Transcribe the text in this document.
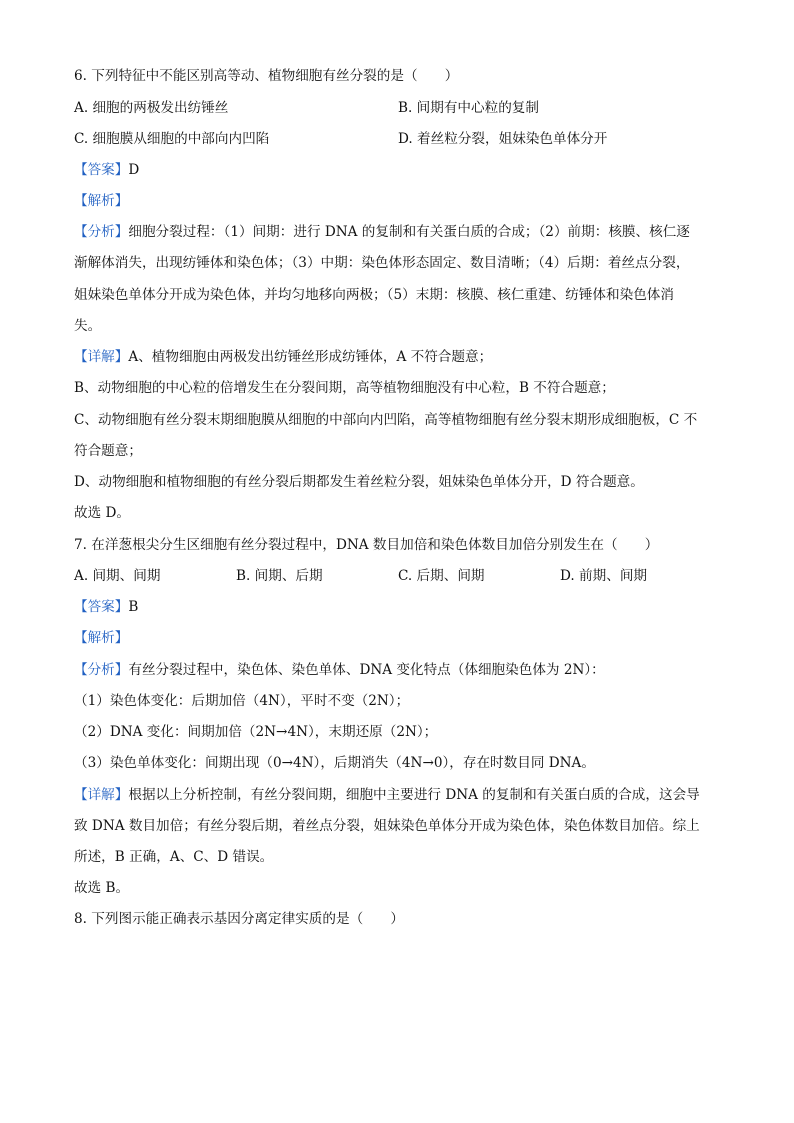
6. 下列特征中不能区别高等动、植物细胞有丝分裂的是（　　）
A. 细胞的两极发出纺锤丝	B. 间期有中心粒的复制
C. 细胞膜从细胞的中部向内凹陷	D. 着丝粒分裂，姐妹染色单体分开
【答案】D
【解析】
【分析】细胞分裂过程：（1）间期：进行 DNA 的复制和有关蛋白质的合成；（2）前期：核膜、核仁逐
渐解体消失，出现纺锤体和染色体；（3）中期：染色体形态固定、数目清晰；（4）后期：着丝点分裂，
姐妹染色单体分开成为染色体，并均匀地移向两极；（5）末期：核膜、核仁重建、纺锤体和染色体消
失。
【详解】A、植物细胞由两极发出纺锤丝形成纺锤体，A 不符合题意；
B、动物细胞的中心粒的倍增发生在分裂间期，高等植物细胞没有中心粒，B 不符合题意；
C、动物细胞有丝分裂末期细胞膜从细胞的中部向内凹陷，高等植物细胞有丝分裂末期形成细胞板，C 不
符合题意；
D、动物细胞和植物细胞的有丝分裂后期都发生着丝粒分裂，姐妹染色单体分开，D 符合题意。
故选 D。
7. 在洋葱根尖分生区细胞有丝分裂过程中，DNA 数目加倍和染色体数目加倍分别发生在（　　）
A. 间期、间期	B. 间期、后期	C. 后期、间期	D. 前期、间期
【答案】B
【解析】
【分析】有丝分裂过程中，染色体、染色单体、DNA 变化特点（体细胞染色体为 2N）：
（1）染色体变化：后期加倍（4N），平时不变（2N）；
（2）DNA 变化：间期加倍（2N→4N），末期还原（2N）；
（3）染色单体变化：间期出现（0→4N），后期消失（4N→0），存在时数目同 DNA。
【详解】根据以上分析控制，有丝分裂间期，细胞中主要进行 DNA 的复制和有关蛋白质的合成，这会导
致 DNA 数目加倍；有丝分裂后期，着丝点分裂，姐妹染色单体分开成为染色体，染色体数目加倍。综上
所述，B 正确，A、C、D 错误。
故选 B。
8. 下列图示能正确表示基因分离定律实质的是（　　）
